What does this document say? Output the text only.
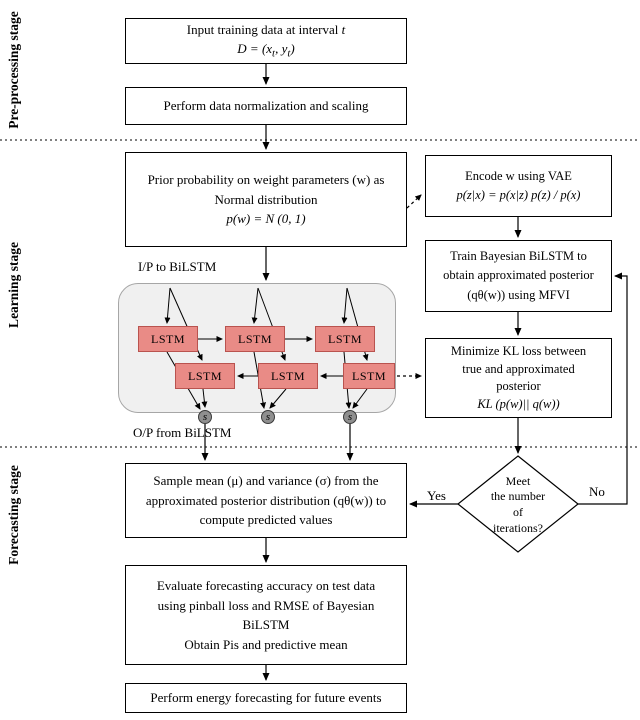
Pre-processing stage
Learning stage
Forecasting stage
Input training data at interval t
$D = (x_t$, $y_t$)
Perform data normalization and scaling
Prior probability on weight parameters (w) as
Normal distribution
p(w) = N (0, 1)
I/P to BiLSTM
O/P from BiLSTM
LSTM	LSTM	LSTM
LSTM	LSTM	LSTM
s	s	s
Encode w using VAE
p(z|x) = p(x|z) p(z) / p(x)
Train Bayesian BiLSTM to
obtain approximated posterior
(qθ(w)) using MFVI
Minimize KL loss between
true and approximated
posterior
KL (p(w)|| q(w))
Meet
the number
of
iterations?
No
Yes
Sample mean (μ) and variance (σ) from the
approximated posterior distribution (qθ(w)) to
compute predicted values
Evaluate forecasting accuracy on test data
using pinball loss and RMSE of Bayesian
BiLSTM
Obtain Pis and predictive mean
Perform energy forecasting for future events
